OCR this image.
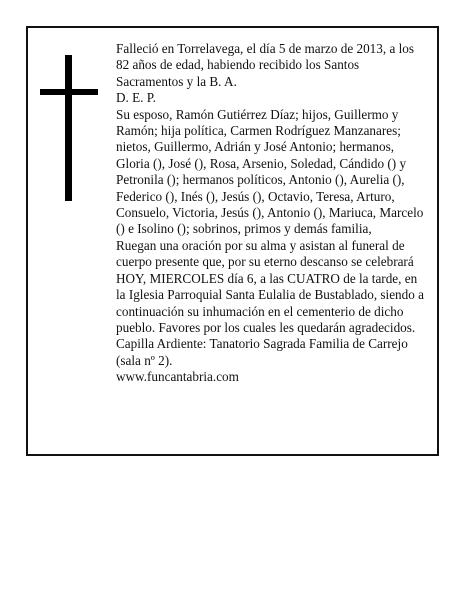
Falleció en Torrelavega, el día 5 de marzo de 2013, a los 82 años de edad, habiendo recibido los Santos Sacramentos y la B. A.

D. E. P.

Su esposo, Ramón Gutiérrez Díaz; hijos, Guillermo y Ramón; hija política, Carmen Rodríguez Manzanares; nietos, Guillermo, Adrián y José Antonio; hermanos, Gloria (), José (), Rosa, Arsenio, Soledad, Cándido () y Petronila (); hermanos políticos, Antonio (), Aurelia (), Federico (), Inés (), Jesús (), Octavio, Teresa, Arturo, Consuelo, Victoria, Jesús (), Antonio (), Mariuca, Marcelo () e Isolino (); sobrinos, primos y demás familia,

Ruegan una oración por su alma y asistan al funeral de cuerpo presente que, por su eterno descanso se celebrará HOY, MIERCOLES día 6, a las CUATRO de la tarde, en la Iglesia Parroquial Santa Eulalia de Bustablado, siendo a continuación su inhumación en el cementerio de dicho pueblo. Favores por los cuales les quedarán agradecidos. Capilla Ardiente: Tanatorio Sagrada Familia de Carrejo (sala nº 2).

www.funcantabria.com
